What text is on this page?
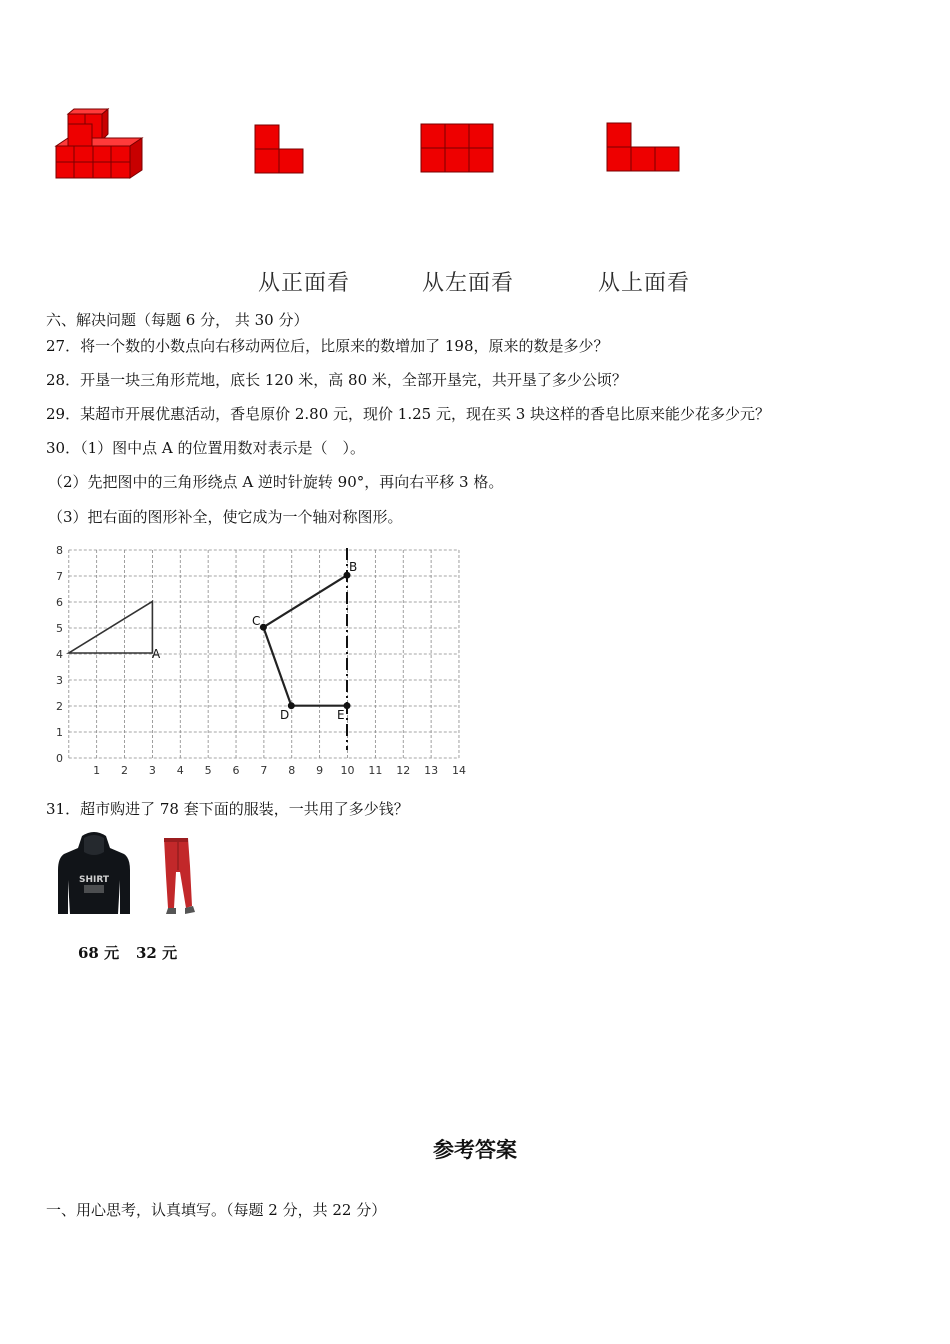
从正面看	从左面看	从上面看
六、解决问题（每题 6 分， 共 30 分）
27．将一个数的小数点向右移动两位后，比原来的数增加了 198，原来的数是多少？
28．开垦一块三角形荒地，底长 120 米，高 80 米，全部开垦完，共开垦了多少公顷？
29．某超市开展优惠活动，香皂原价 2.80 元，现价 1.25 元，现在买 3 块这样的香皂比原来能少花多少元？
30．（1）图中点 A 的位置用数对表示是（　）。
（2）先把图中的三角形绕点 A 逆时针旋转 90°，再向右平移 3 格。
（3）把右面的图形补全，使它成为一个轴对称图形。
0
1
2
3
4
5
6
7
8
1 2 3 4 5 6 7 8 9 10 11 12 13 14
A
B
C
D	E
31．超市购进了 78 套下面的服装，一共用了多少钱？
SHIRT
68 元 32 元
参考答案
一、用心思考，认真填写。（每题 2 分，共 22 分）
